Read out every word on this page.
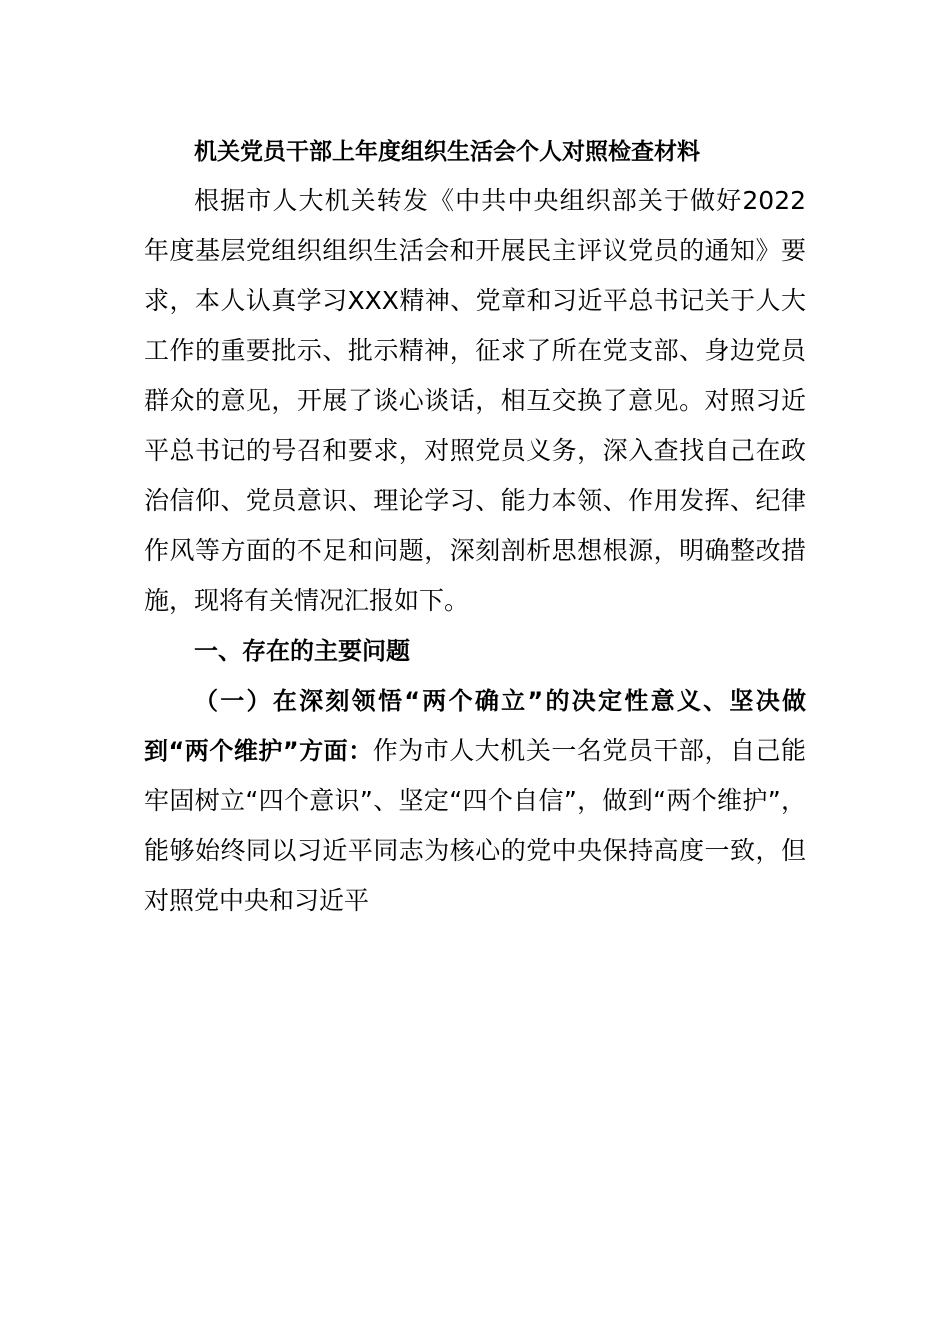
机关党员干部上年度组织生活会个人对照检查材料

根据市人大机关转发《中共中央组织部关于做好2022年度基层党组织组织生活会和开展民主评议党员的通知》要求，本人认真学习XXX精神、党章和习近平总书记关于人大工作的重要批示、批示精神，征求了所在党支部、身边党员群众的意见，开展了谈心谈话，相互交换了意见。对照习近平总书记的号召和要求，对照党员义务，深入查找自己在政治信仰、党员意识、理论学习、能力本领、作用发挥、纪律作风等方面的不足和问题，深刻剖析思想根源，明确整改措施，现将有关情况汇报如下。

一、存在的主要问题

（一）在深刻领悟“两个确立”的决定性意义、坚决做到“两个维护”方面：作为市人大机关一名党员干部，自己能牢固树立“四个意识”、坚定“四个自信”，做到“两个维护”，能够始终同以习近平同志为核心的党中央保持高度一致，但对照党中央和习近平
